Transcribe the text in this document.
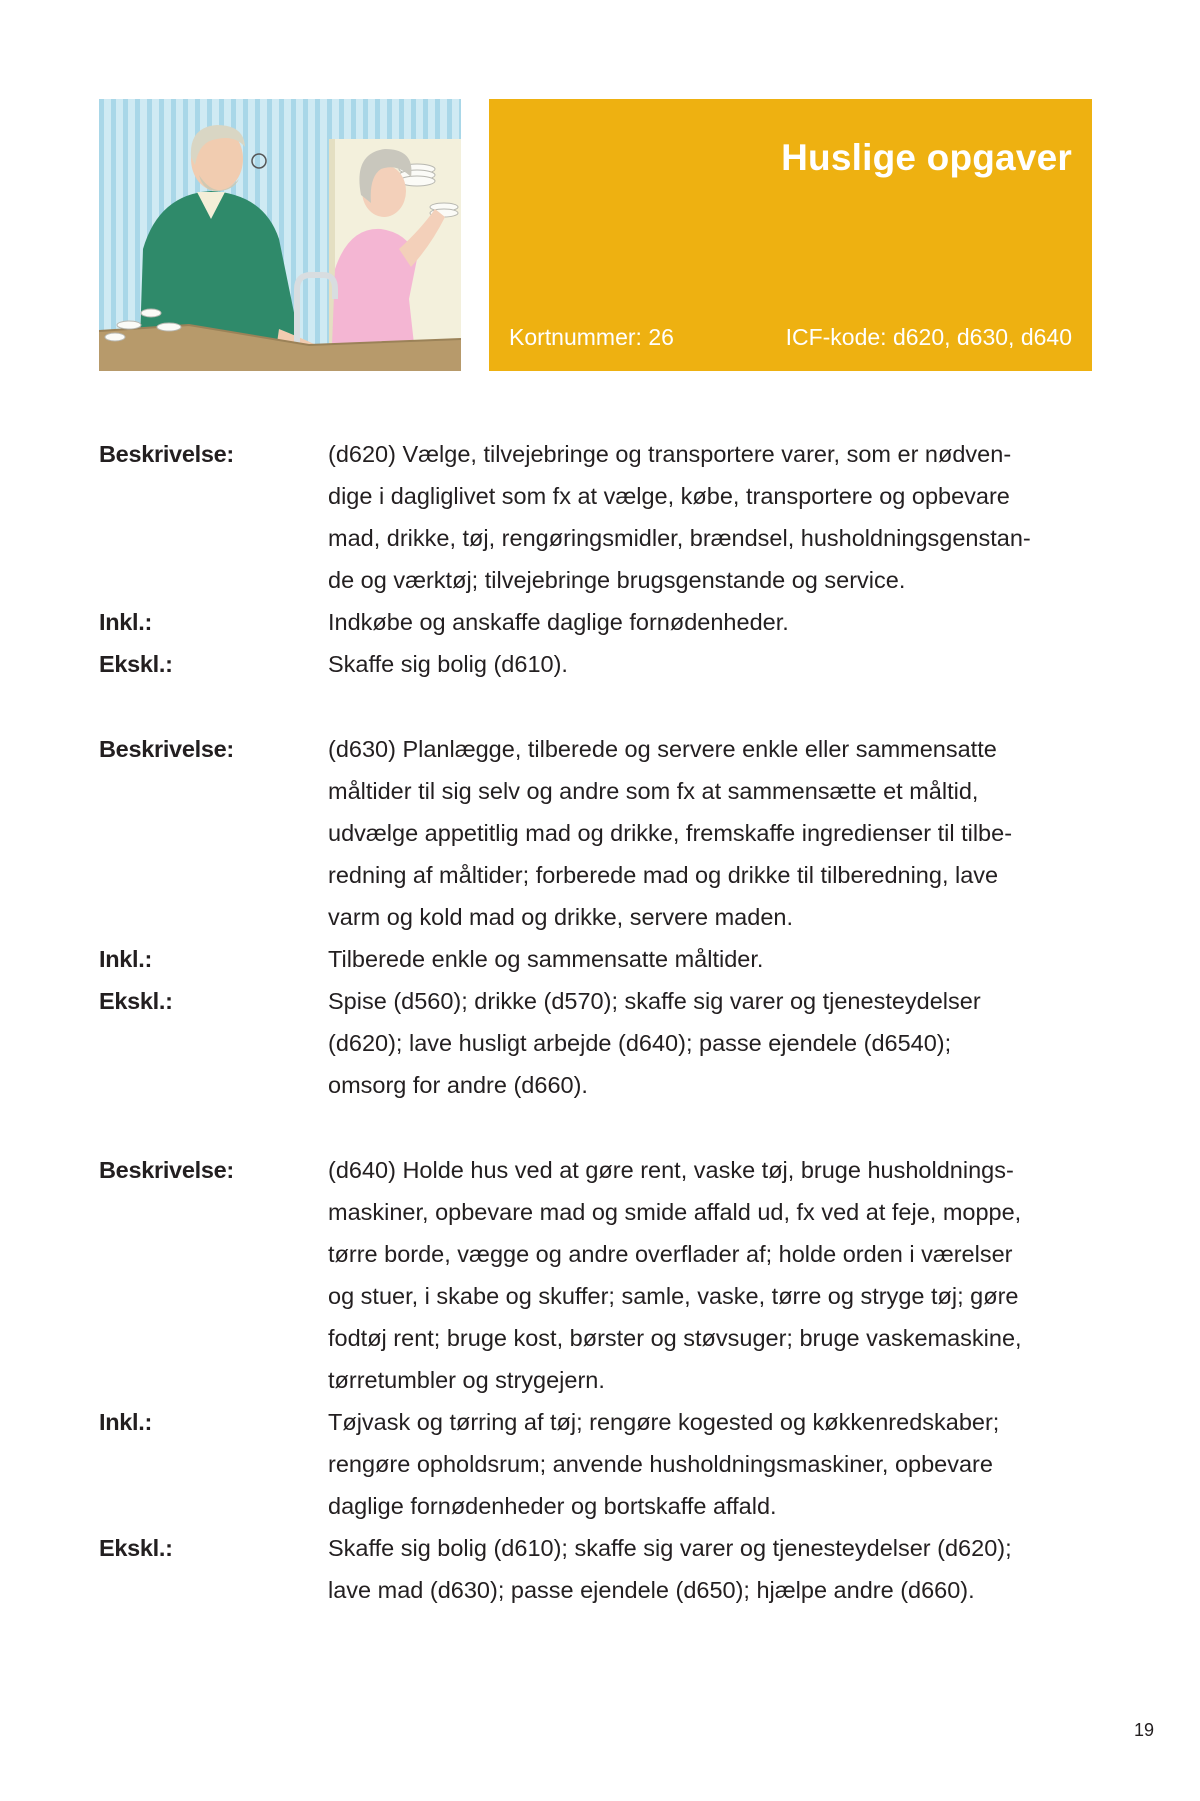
Huslige opgaver
Kortnummer: 26	ICF-kode: d620, d630, d640
Beskrivelse:	(d620) Vælge, tilvejebringe og transportere varer, som er nødven-
dige i dagliglivet som fx at vælge, købe, transportere og opbevare
mad, drikke, tøj, rengøringsmidler, brændsel, husholdningsgenstan-
de og værktøj; tilvejebringe brugsgenstande og service.
Inkl.:	Indkøbe og anskaffe daglige fornødenheder.
Ekskl.:	Skaffe sig bolig (d610).
Beskrivelse:	(d630) Planlægge, tilberede og servere enkle eller sammensatte
måltider til sig selv og andre som fx at sammensætte et måltid,
udvælge appetitlig mad og drikke, fremskaffe ingredienser til tilbe-
redning af måltider; forberede mad og drikke til tilberedning, lave
varm og kold mad og drikke, servere maden.
Inkl.:	Tilberede enkle og sammensatte måltider.
Ekskl.:	Spise (d560); drikke (d570); skaffe sig varer og tjenesteydelser
(d620); lave husligt arbejde (d640); passe ejendele (d6540);
omsorg for andre (d660).
Beskrivelse:	(d640) Holde hus ved at gøre rent, vaske tøj, bruge husholdnings-
maskiner, opbevare mad og smide affald ud, fx ved at feje, moppe,
tørre borde, vægge og andre overflader af; holde orden i værelser
og stuer, i skabe og skuffer; samle, vaske, tørre og stryge tøj; gøre
fodtøj rent; bruge kost, børster og støvsuger; bruge vaskemaskine,
tørretumbler og strygejern.
Inkl.:	Tøjvask og tørring af tøj; rengøre kogested og køkkenredskaber;
rengøre opholdsrum; anvende husholdningsmaskiner, opbevare
daglige fornødenheder og bortskaffe affald.
Ekskl.:	Skaffe sig bolig (d610); skaffe sig varer og tjenesteydelser (d620);
lave mad (d630); passe ejendele (d650); hjælpe andre (d660).
19
